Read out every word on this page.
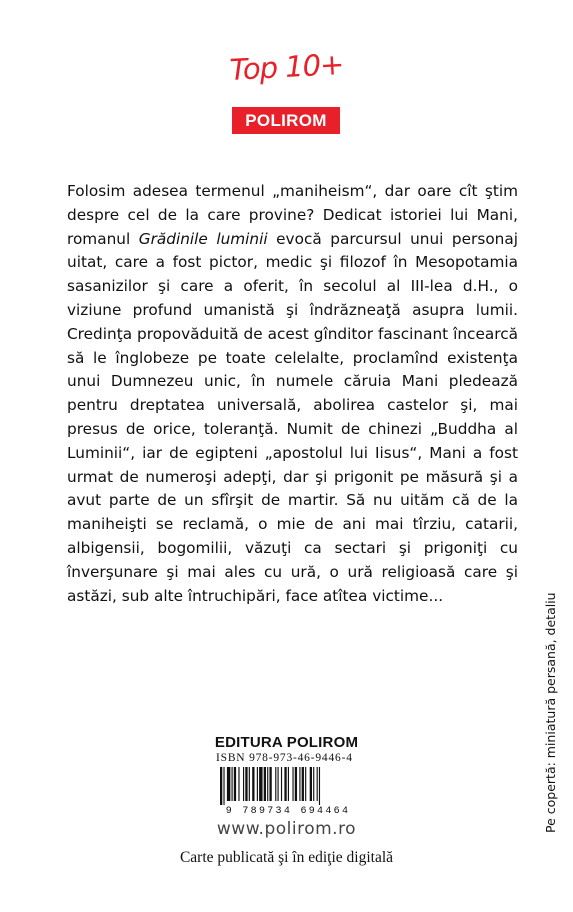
Top 10+
POLIROM

Folosim adesea termenul „maniheism“, dar oare cît ştim despre cel de la care provine? Dedicat istoriei lui Mani, romanul Grădinile luminii evocă parcursul unui personaj uitat, care a fost pictor, medic şi filozof în Mesopotamia sasanizilor şi care a oferit, în secolul al III-lea d.H., o viziune profund umanistă şi îndrăzneaţă asupra lumii. Credinţa propovăduită de acest gînditor fascinant încearcă să le înglobeze pe toate celelalte, proclamînd existenţa unui Dumnezeu unic, în numele căruia Mani pledează pentru dreptatea universală, abolirea castelor şi, mai presus de orice, toleranţă. Numit de chinezi „Buddha al Luminii“, iar de egipteni „apostolul lui Iisus“, Mani a fost urmat de numeroşi adepţi, dar şi prigonit pe măsură şi a avut parte de un sfîrşit de martir. Să nu uităm că de la maniheişti se reclamă, o mie de ani mai tîrziu, catarii, albigensii, bogomilii, văzuţi ca sectari şi prigoniţi cu înverşunare şi mai ales cu ură, o ură religioasă care şi astăzi, sub alte întruchipări, face atîtea victime...	Pe copertă: miniatură persană, detaliu
EDITURA POLIROM
ISBN 978-973-46-9446-4
9 789734 694464
www.polirom.ro
Carte publicată şi în ediţie digitală
